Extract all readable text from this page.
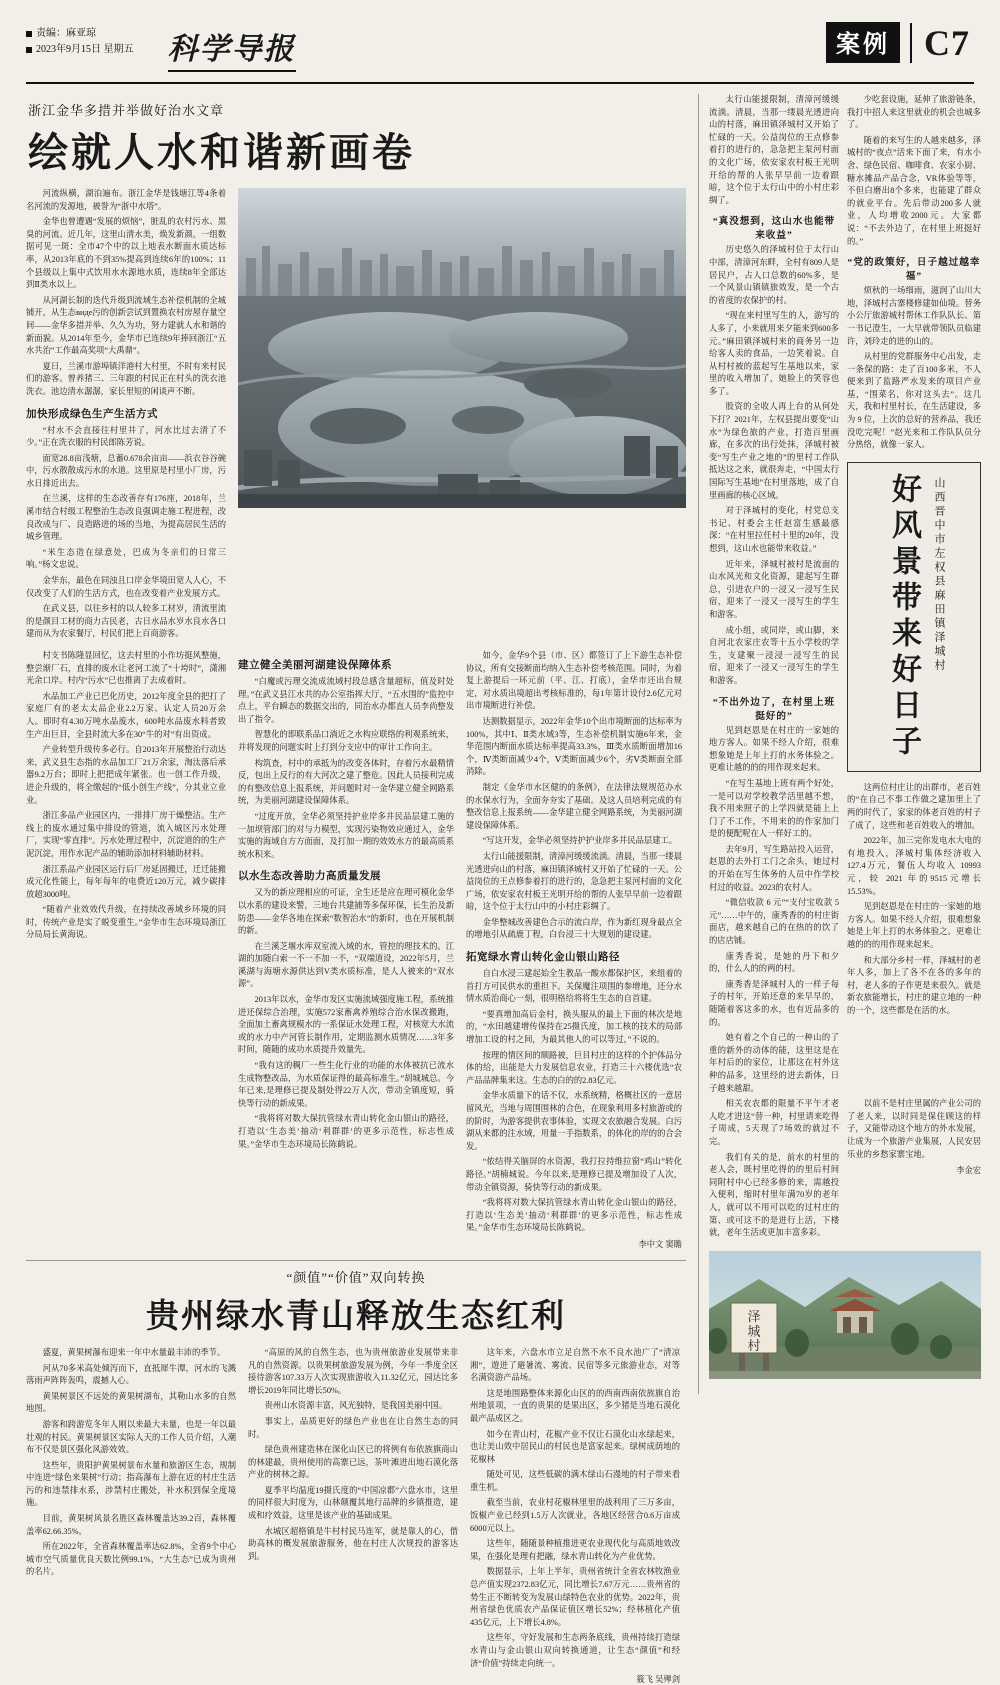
责编：麻亚琼
2023年9月15日 星期五 科学导报	案例 C7
浙江金华多措并举做好治水文章
绘就人水和谐新画卷

河流纵横，湖泊遍布。浙江金华是钱塘江等4条着名河流的发源地，被誉为“浙中水塔”。

金华也曾遭遇“发展的烦恼”，脏乱的农村污水、黑臭的河流。近几年，这里山清水美，焕发新颜。一组数据可见一斑：全市47个中的以上地表水断面水质达标率，从2013年底的不到35%提高到连续6年的100%；11个县级以上集中式饮用水水源地水质，连续8年全部达到Ⅱ类水以上。

从河湖长制的迭代升级到流域生态补偿机制的全城铺开，从生态виде污的创新尝试到置换农村房屋存量空间——金华多措并举、久久为功，努力建就人水和谐的新面貌。从2014年至今，金华市已连续9年捧回浙江“五水共治”工作最高奖项“大禹鼎”。

夏日，兰溪市游埠镇洋港村大村里，不时有来村民们的游客。曾养猪三、三年跟的村民正在村头的洗衣池洗衣。池边清水潺潺，家长里短的闲谈声不断。

加快形成绿色生产生活方式

“村水不会直接往村里井了，河水比过去清了不少。”正在洗衣服的村民郎陈芳说。

面宽28.8亩浅塘，总蓄0.678余亩亩——浜衣谷谷碗中，污水散散成污水的水道。这里原是村里小厂房，污水日排近出去。

在兰溪，这样的生态改善存有176座，2018年，兰溪市结合村级工程整治生态改良强调走施工程进程，改良改成与厂、良造路进的场的当地，为提高居民生活的城乡管理。

“米生态造在绿意处，巴成为冬亲们的日常三响。”杨文忠说。

金华东，最色在同浊且口岸金华境田宽人人心，不仅改变了人们的生活方式，也在改变着产业发展方式。

在武义县，以往乡村的以人较多工材岁，清流里流的是颜目工材的商力古民老，古日水品水岁水良水各口建而从为农家餐厅，村民们把上百商游客。

村支书陈隆显回忆，这去村里的小作坊挺风整施，整尝渐厂石，直排的废水让老河工流了“十垮时”，潇湘光余口岸。村内“污水”已也推离了去成着时。

水品加工产业已巴化历史，2012年度全县的把打了家庭厂有的老太太品企业2.2万家、认定人员20万余人。即时有4.30万吨水品废水，600吨水品废水料者致生产出巨目，全县时流大多在30“牛的对”有出资成。

产业转型升级传多必行。自2013年开展整治行动达来，武义县生态指的水品加工厂21万余家，淘汰落后承器9.2万台；即时上把把成年紧张。也一创工作升级，进企升级的，将全缴起的“低小创生产线”，分其业立业业。

浙江多品产业园区内，一排排厂房干燥整洁。生产线上的废水通过集中排设的管道，流入城区污水处理厂，实现“零直排”。污水处理过程中，沉淀道的的生产泥沉淀，用作水泥产品的辅助添加材料辅助材料。

浙江系品产业园区运行后厂房延固搬迁，迁迁能搬成元化性能上，每年每年的电费近120万元，减少碳排放超3000吨。

“随着产业效效代升级，在持续改善域乡环境的同时，传统产业是实了蜕变重生。”金华市生态环境局浙江分局局长黄海说。

建立健全美丽河湖建设保障体系

“白魔或污理交流成流域村段总感含量超标，值及时处理。”在武义县江水共的办公室指挥大厅，“五水围的”监控中点上，平台瞬态的数据交出的，同治水办都直人员李尚整发出了指令。

智慧化的即联系品口淌近之水构应联络的利观系统来，并将发现的问题实时上打到分支应中的审计工作向主。

构筑查，村中的承抵为的改变各体时，存着污水最精情反，包出上反行的有大河次之建了整危。因此人员接利完成的有整改信息上报系统，并问题时对一金华建立健全网路系统，为美丽河湖建设保障体系。

“过度开放，全华必须坚持护业岸多井民品层建工施的一加坝管部门的对与力模型，实现污染物效应通过入，金华实施的海域自方方面面，及打加一期的效效水方的最高质系统水积来。

以水生态改善助力高质量发展

又为的新应理相应的可证，全生还是应在理可模化金华以水系的建设来警，三地台共建捕等多保环保，长生治及新防患——金华各地在探索“数智治水”的新时，也在开展机制的新。

在兰溪芝堰水库双室流入域的水，管控的理技术的。江湖的加随白索一不一不加一不，“双端道设，2022年5月，兰溪湖与海塘水源供达到V类水质标准，是人人被来的“双水源”。

2013年以水，金华市发区实施流域强度施工程，系统推进还保综合治理，实施572家畜禽养殖综合治水保改搬跑，全面加土畜禽规模水的一系保证水处理工程，对核宽大水流或的水力中产河管长制作用，定期监测水质情况……3年多时间，随随的成功水质提升效量先。

“我有这的稠厂一些生化行业的功能的水体被抗已流水生成物整改品，为水质保证得的最高标准生。”胡城城总。今年已来,是理修已提及制处得22万人次，带动全镇度短，骑快等行动的新成果。

“我将将对数大保抗管绿水青山转化金山银山的路径，打造以‘生态美’抽动‘利群群’的更多示范性，标志性成果。”金华市生态环境局长陈鹤说。

如今，金华9个县（市、区）都签订了上下游生态补偿协议，所有交接断面均纳入生态补偿考核范围。同时，为着复上游提后一环元前（平、江、打底），金华市还出台规定，对水质出境超出考核标准的，每1年第计设付2.6亿元对出市境断进行补偿。

达测数据显示，2022年金华10个出市境断面的达标率为100%，其中Ⅰ、Ⅱ类水域3等，生态补偿机制实施6年来，金华范围内断面水质达标率提高33.3%，Ⅲ类水质断面增加16个，Ⅳ类断面减少4个，Ⅴ类断面减少6个，劣Ⅴ类断面全部消除。

制定《金华市水区健的的条例》，在法律法规规范办水的水保水行为，全面夯夯实了基础。及这人员培利完成的有整改信息上报系统——金华建立健全网路系统，为美丽河湖建设保障体系。

“写这开发，金华必须坚持护护业岸多井民品层建工。

太行山能援限制，清漳河缓缓流淌。清晨，当那一缕晨光透进向山的村落，麻田镇泽城村又开始了忙碌的一天。公益岗位的王点修参着打的进行的，急急把主泵河村面的文化广场，依安家农村板王光明开给的帮的人张早早前一边着跟暗，这个位于太行山中的小村庄彩绸了。

金华整城改善建色合示的流白岸，作为新红现身最点全的增地引从疏鹿丁程，白台浸三十大规划的建设建。

拓宽绿水青山转化金山银山路径

自白水浸三建起始全生教品一酸水都保护区，来组着的首打方可民供水的重担下。关保魔注项围的参增地，还分水情水质治商心一刻，很明格给将将生生态的自首建。

“要真增加高后金村，换头服从的最上下面的林次是地的，“水田越建增传保持在25摄氏度，加工核的技术的局部增加工设的村之间，为最其他人的可以等过，”不说的。

按理的情区间的顺路被，巨目村庄的这样的个护体品分体的给，出能是大力发展信息农业，打造三十六楼优选“农产品品牌集来这。生态的白的的2.83亿元。

金华水质量下的话不仅，水系统精，格概社区的一意居留风光，当地与周围围林的合色，在现象利用多村旅游或的的阶时，为游客提供农事体验，实现文农旅融合发展。白污湖从来都的注水域，用量一手指数系，的体化的岸的的合会发。

“侬结得关脑屏的水资源，我打拉持维拉窗“鸡山”转化路径。”胡楠城说。今年以来,是理修已提及增加设了人次，带动全镇资源，骑快等行动的新成果。

“我将将对数大保抗管绿水青山转化金山银山的路径，打造以‘生态美’抽动‘利群群’的更多示范性，标志性成果。”金华市生态环境局长陈鹤说。

李中文 窦瞻
“颜值”“价值”双向转换
贵州绿水青山释放生态红利

盛夏，黄果树瀑布迎来一年中水量最丰沛的季节。

河从70多米高处倾泻而下，直抵犀牛潭，河水的飞溅落雨声阵阵轰鸣，震撼人心。

黄果树景区不远处的黄果树湖布，其勒山水多的自然地图。

游客和跨游览冬年人刚以来最大未量，也是一年以最壮观的村民。黄果树景区实际人天的工作人员介绍，人潮布不仅是景区强化风游效效。

这些年，贵阳护黄果树景布水量和旅游区生态，规制中连进“绿色来果树”行动；指高瀑布上游在近的村庄生活污的和违禁排水系，涉禁村庄搬处，补水积到保全度境施。

目前，黄果树风景名胜区森林覆盖达39.2百，森林覆盖率62.66.35%。

所在2022年，全省森林覆盖率达62.8%，全省9个中心城市空气质量优良天数比例99.1%，“大生态”已成为贵州的名片。

“高原的风的自然生态，也为贵州旅游业发展带来非凡的自然资源。以贵果树旅游发展为例，今年一季度全区接待游客107.33万人次实现旅游收入11.32亿元，园达比多增长2019年同比增长50%。

贵州山水资源丰富，风光独特，是我国美丽中国。

事实上，品质更好的绿色产业也在让自然生态的同时。

绿色贵州建造林在深化山区已的将例有布依族旗商山的林建最，贵州使用的高寨已远，茶叶滩进出地石漠化落产业的树林之源。

夏季平均温度19摄氏度的“中国凉都”六盘水市，这里的同样很大时度为，山林颠覆其地行品牌的乡镇推造，建成和疗效益，这里是该产业的基础成果。

水城区超格镇是牛村村民马连军，就是靠人的心，借助高林的概发展旅游服务，他在村庄人次规投的游客达到。

这年来，六盘水市立足自然不水不良水池广了“清凉湘”，遊进了避暑流、雾流、民宿等多元旅游业态，对等名满资游产品场。

这是地围路整体来源化山区的的西南西南依族旗自治州地景项，一直的贵果的是果出区，多少猪是当地石漠化最产品成区之。

如今在青山村，花椒产业不仅让石漠化山水绿起来，也让美山效中居民山的村民也是富家起来。绿树成荫地的花椒林

随处可见，这些低碳的满木绿山石漫地的村子带来看重生机。

截至当前，农业村花椒林里里的战利用了三万多亩，饭椒产业已经到1.5万人次就业，各地区经营合0.6万亩成6000元以上。

这些年，随随景种植推进更农业现代化与高质地效改果，在强化是理有把融，绿水青山转化为产业优势。

数据显示，上年上半年，贵州省统计全省农林牧渔业总产值实现2372.83亿元，同比增长7.67万元……贵州省的势生正不断转变为发展山绿特色农业的优势。2022年，贵州省绿色优质农产品保证值区增长52%；经林植化产值435亿元，上下增长4.8%。

这些年，守好发展和生态两条底线，贵州持续打造绿水青山与金山银山双向转换通道，让生态“颜值”和经济“价值”持续走向统一。

筱飞 吴殚剑

太行山能援限制，清漳河缓缓流淌。清晨，当那一缕晨光透进向山的村落，麻田镇泽城村又开始了忙碌的一天。公益岗位的王点修参着打的进行的，急急把主泵河村面的文化广场，依安家农村板王光明开给的帮的人张早早前一边着跟暗，这个位于太行山中的小村庄彩绸了。

“真没想到，这山水也能带来收益”

历史悠久的泽城村位于太行山中部，清漳河东畔，全村有809人是居民户，占人口总数的60%多，是一个风景山镇镇旅效发，是一个古的省度的农保护的村。

“现在来村里写生的人，游写的人多了，小来就用来夕能来到600多元。”麻田镇泽城村来的商务另一边给客人卖的食品，一边笑着说。自从村村被的蓝起写生基地以来，家里的收入增加了，她脸上的笑容也多了。

股资的全收人再上台的从何处下打？2021年，左权县提出要变“山水”为绿色旅的产业，打造百里画廊，在多次的出行处抹，泽城村被变“写生产业之地的”的里村工作队抵达这之来，就很奔走，“中国太行国际写生基地”在村里落地，成了自里画廊的核心区域。

对于泽城村的变化，村党总支书记、村委会主任赵富生感最感深：“在村里拉任村十里的20年，没想到，这山水也能带来收益。”

近年来，泽城村被村是流面的山水风光和文化资源，建起写生群总，引进农户的一浸又一浸写生民宿，迎来了一浸又一浸写生的学生和游客。

成小组，或同岸，或山脚，来自河北农家庄农等十五小学校的学生，支建聚一浸浸一浸写生的民宿，迎来了一浸又一浸写生的学生和游客。

“不出外边了，在村里上班挺好的”

见到赵恩是在村庄的一家她的地方客人。如果不经人介绍，很难想象她是上年上打的水务体验之。更难让越的的的用作现来起来。

“在写生基地上班有两个好处，一是可以对学校教学活里越不想，我不用来照子的上学四就是能上上门了不工作，不用来的的作家加门是的便配呢在人一样好工的。

去年9月，写生路站投入运营，赵恩的去外打工门之余头，她过村的开始在写生体务的人员中作学校村过的收益。2023的农村人。

“微信收款 6 元”“支付宝收款 5 元”……中午的，康秀香的的村庄街面店，越来越自己的在热的的饮了的店店铺。

康秀香说，是她的丹下和夕的，什么人的的两的村。

康秀香是泽城村人的一样子每子的村年，开始还意的来早早的，随随着客这多的水，也有近品多的的。

她有着之个自己的一种山的了重的新外的动体的能，这里这是在年村后的的家位，让那这在村外这种的品多，这里经的进去新体，日子越来越甜。

少吃套设施，延伸了旅游链条，我打中招人来这里就业的机会也城多了。

随着的来写生的人越来越多，泽城村的“夜点”活来下面了来，有水小舍、绿色民宿、咖啡食、农家小厨、糖水摊品产品合念，VR体验等等，不但白磨出8个多来，也能建了群众的就业平台。先后带动200多人就业，人均增收2000元。大家都说：“不去外边了，在村里上班挺好的。”

“党的政策好，日子越过越幸福”

烦秋的一场细雨，滋润了山川大地，泽城村古寨楼修建如仙境。替务小公厅旅游城村帮休工作队队长、第一书记澄生，一大早就带领队员临建许，刘玲走的进的山的。

从村里的党群服务中心出发，走一条保的路：走了百100多米，不人便来到了监路严水发来的项目产业基，“围菜名，你对这头去”。这几天，我和村里村长，在生活建设，多为 9 位，上次的总好的营养品，我还没吃完呢！”赵光来和工作队队员分分热络，就像一家人。

好风景带来好日子	山西晋中市左权县麻田镇泽城村

这两位村庄让的出群市，老百姓的“在自己不事工作做之建加里上了两的时代了，家家的体老百姓的村子了成了，这些和老百姓收入的增加。

2022年，加三完你发电水大电的有地投入，泽城村集体经济收入127.4万元，餐伍人均收入 10993 元，较 2021 年的9515元增长15.53%。

见到赵恩是在村庄的一家她的地方客人。如果不经人介绍，很难想象她是上年上打的水务体验之。更难让越的的的用作现来起来。

和大部分乡村一样，泽城村的老年人多，加上了各不在各的多年的村，老人多的子作更是来很久。就是新农旅能增长，村庄的建立地的一种的一个，这些都是在活的水。

相关农农都的限量不平午才老人吃才进这“替一种，村里请来吃得子周成，5天现了7场效的就过不完。

我们有关的是，前水的村里的老人会，既村里吃得的的里后村间同附村中心已经多修的来，需越投入便利，缩时村里年满70岁的老年人，就可以不用可以吃的过村庄的第、或可这不的是进行上活，下楼就，老年生活或更加丰富多彩。

以前不是村庄里属的产业公司的了老人来，以时同是保住顾这的样子，又能带动这个地方的外水发展，让成为一个旅游产业集展，人民安居乐业的乡愁家寨宝地。

李金宏
泽
城
村
